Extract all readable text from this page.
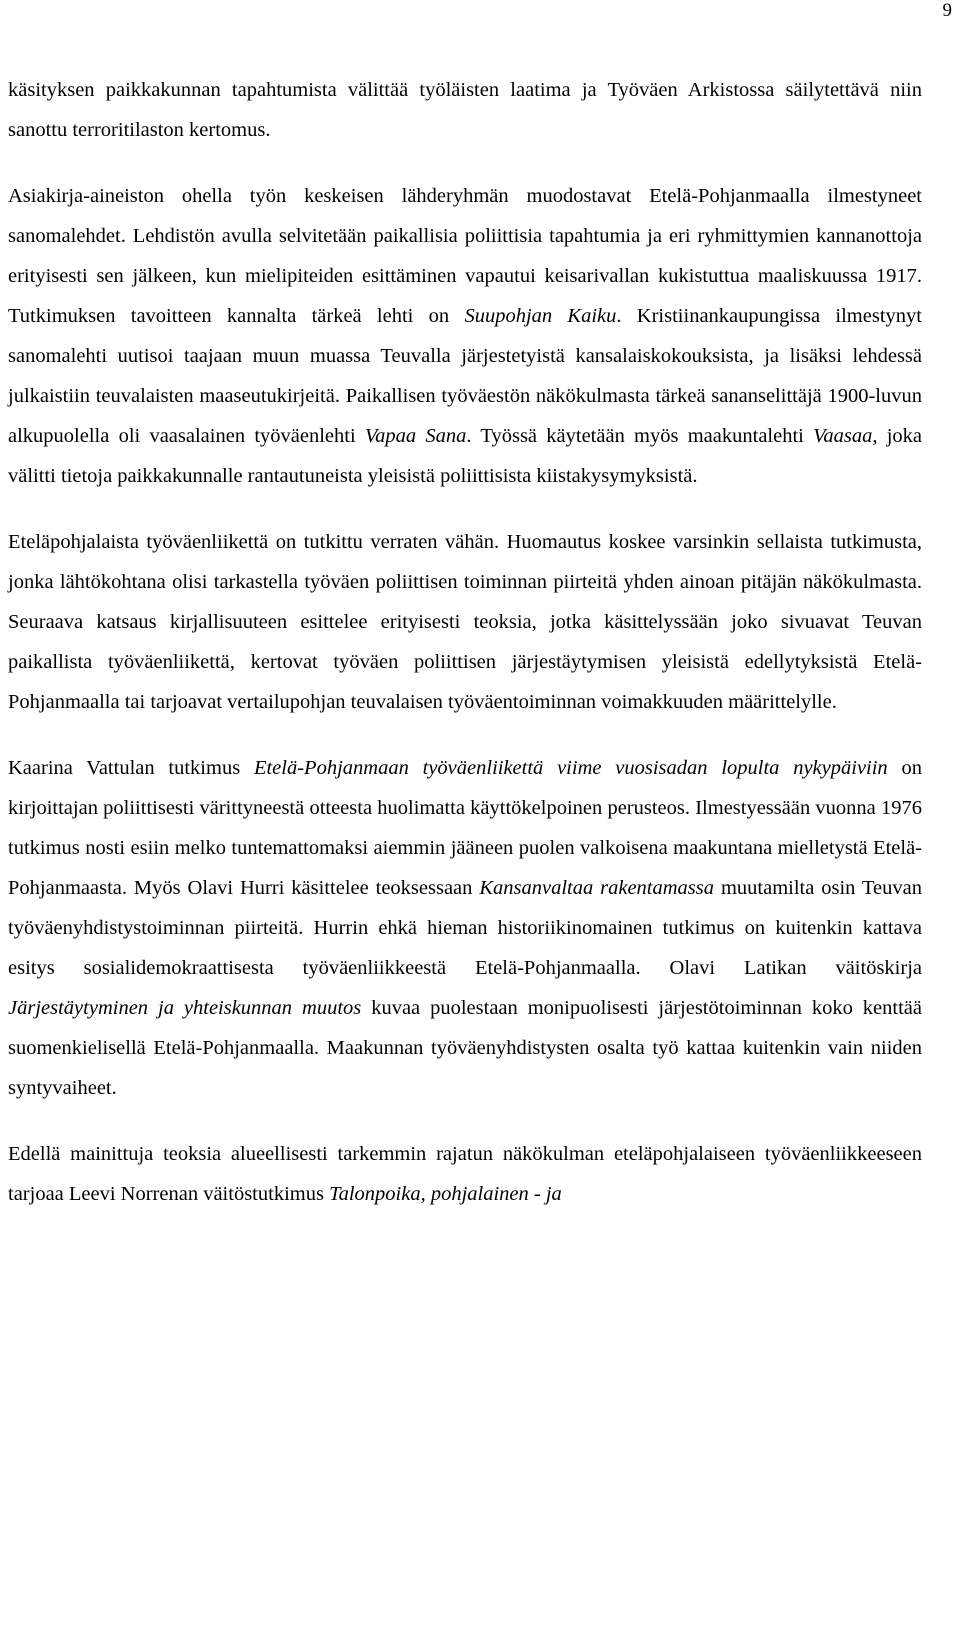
9

käsityksen paikkakunnan tapahtumista välittää työläisten laatima ja Työväen Arkistossa säilytettävä niin sanottu terroritilaston kertomus.

Asiakirja-aineiston ohella työn keskeisen lähderyhmän muodostavat Etelä-Pohjanmaalla ilmestyneet sanomalehdet. Lehdistön avulla selvitetään paikallisia poliittisia tapahtumia ja eri ryhmittymien kannanottoja erityisesti sen jälkeen, kun mielipiteiden esittäminen vapautui keisarivallan kukistuttua maaliskuussa 1917. Tutkimuksen tavoitteen kannalta tärkeä lehti on Suupohjan Kaiku. Kristiinankaupungissa ilmestynyt sanomalehti uutisoi taajaan muun muassa Teuvalla järjestetyistä kansalaiskokouksista, ja lisäksi lehdessä julkaistiin teuvalaisten maaseutukirjeitä. Paikallisen työväestön näkökulmasta tärkeä sananselittäjä 1900-luvun alkupuolella oli vaasalainen työväenlehti Vapaa Sana. Työssä käytetään myös maakuntalehti Vaasaa, joka välitti tietoja paikkakunnalle rantautuneista yleisistä poliittisista kiistakysymyksistä.

Eteläpohjalaista työväenliikettä on tutkittu verraten vähän. Huomautus koskee varsinkin sellaista tutkimusta, jonka lähtökohtana olisi tarkastella työväen poliittisen toiminnan piirteitä yhden ainoan pitäjän näkökulmasta. Seuraava katsaus kirjallisuuteen esittelee erityisesti teoksia, jotka käsittelyssään joko sivuavat Teuvan paikallista työväenliikettä, kertovat työväen poliittisen järjestäytymisen yleisistä edellytyksistä Etelä-Pohjanmaalla tai tarjoavat vertailupohjan teuvalaisen työväentoiminnan voimakkuuden määrittelylle.

Kaarina Vattulan tutkimus Etelä-Pohjanmaan työväenliikettä viime vuosisadan lopulta nykypäiviin on kirjoittajan poliittisesti värittyneestä otteesta huolimatta käyttökelpoinen perusteos. Ilmestyessään vuonna 1976 tutkimus nosti esiin melko tuntemattomaksi aiemmin jääneen puolen valkoisena maakuntana mielletystä Etelä-Pohjanmaasta. Myös Olavi Hurri käsittelee teoksessaan Kansanvaltaa rakentamassa muutamilta osin Teuvan työväenyhdistystoiminnan piirteitä. Hurrin ehkä hieman historiikinomainen tutkimus on kuitenkin kattava esitys sosialidemokraattisesta työväenliikkeestä Etelä-Pohjanmaalla. Olavi Latikan väitöskirja Järjestäytyminen ja yhteiskunnan muutos kuvaa puolestaan monipuolisesti järjestötoiminnan koko kenttää suomenkielisellä Etelä-Pohjanmaalla. Maakunnan työväenyhdistysten osalta työ kattaa kuitenkin vain niiden syntyvaiheet.

Edellä mainittuja teoksia alueellisesti tarkemmin rajatun näkökulman eteläpohjalaiseen työväenliikkeeseen tarjoaa Leevi Norrenan väitöstutkimus Talonpoika, pohjalainen - ja
